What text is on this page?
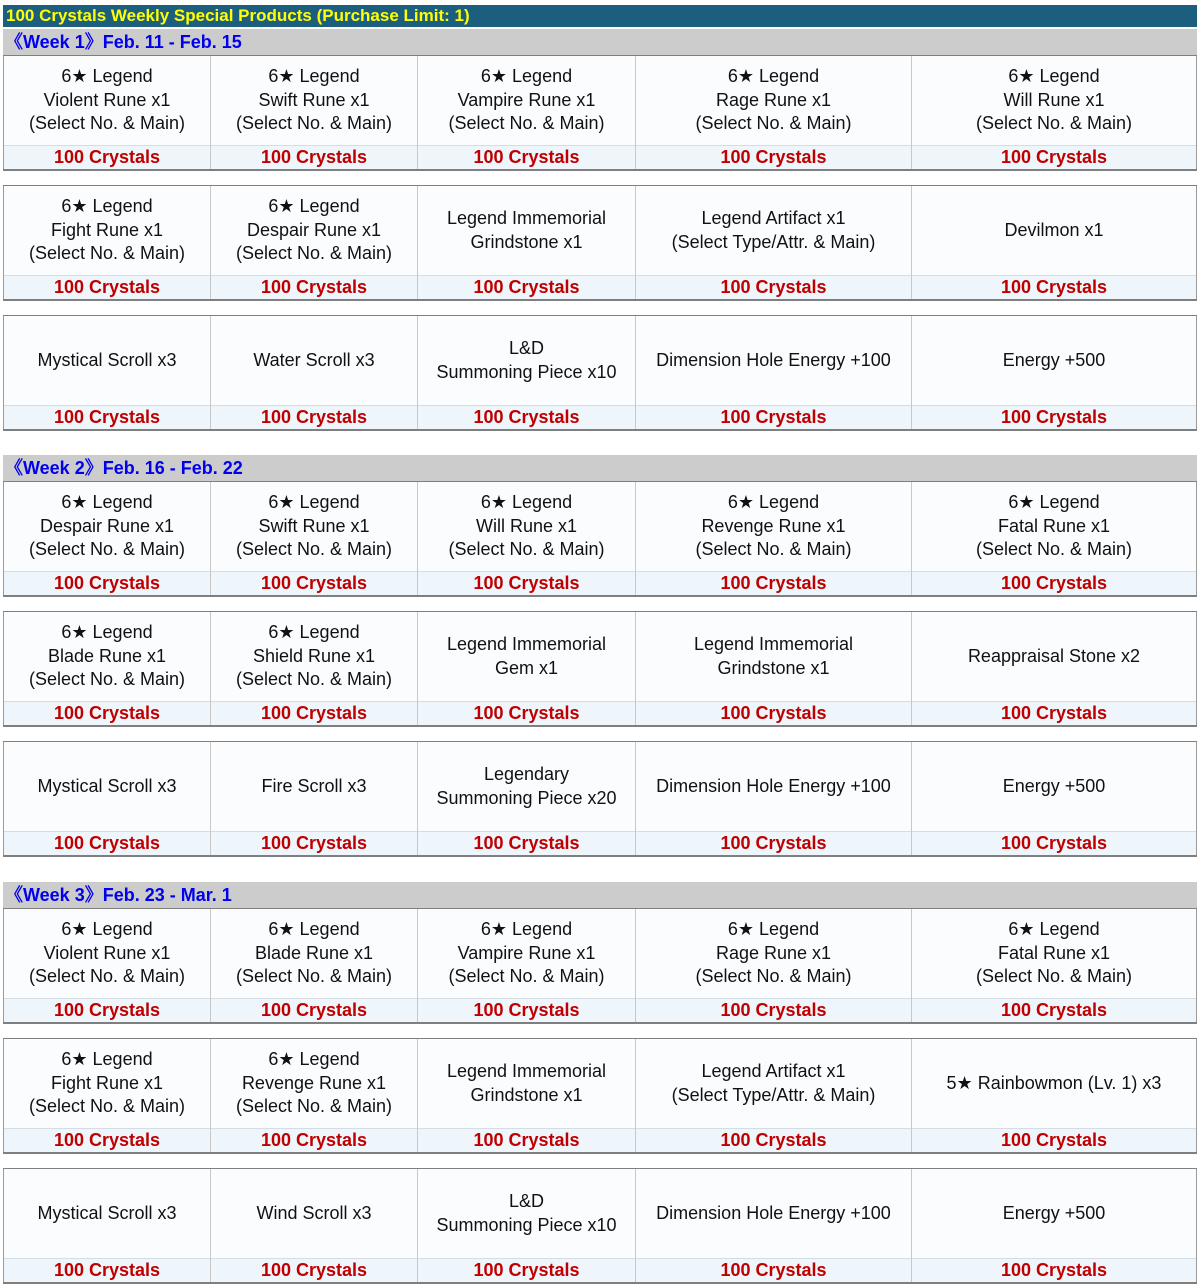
100 Crystals Weekly Special Products (Purchase Limit: 1)
《Week 1》Feb. 11 - Feb. 15
6★ Legend
Violent Rune x1
(Select No. & Main)
100 Crystals
6★ Legend
Swift Rune x1
(Select No. & Main)
100 Crystals
6★ Legend
Vampire Rune x1
(Select No. & Main)
100 Crystals
6★ Legend
Rage Rune x1
(Select No. & Main)
100 Crystals
6★ Legend
Will Rune x1
(Select No. & Main)
100 Crystals
6★ Legend
Fight Rune x1
(Select No. & Main)
100 Crystals
6★ Legend
Despair Rune x1
(Select No. & Main)
100 Crystals
Legend Immemorial
Grindstone x1
100 Crystals
Legend Artifact x1
(Select Type/Attr. & Main)
100 Crystals
Devilmon x1
100 Crystals
Mystical Scroll x3
100 Crystals
Water Scroll x3
100 Crystals
L&D
Summoning Piece x10
100 Crystals
Dimension Hole Energy +100
100 Crystals
Energy +500
100 Crystals
《Week 2》Feb. 16 - Feb. 22
6★ Legend
Despair Rune x1
(Select No. & Main)
100 Crystals
6★ Legend
Swift Rune x1
(Select No. & Main)
100 Crystals
6★ Legend
Will Rune x1
(Select No. & Main)
100 Crystals
6★ Legend
Revenge Rune x1
(Select No. & Main)
100 Crystals
6★ Legend
Fatal Rune x1
(Select No. & Main)
100 Crystals
6★ Legend
Blade Rune x1
(Select No. & Main)
100 Crystals
6★ Legend
Shield Rune x1
(Select No. & Main)
100 Crystals
Legend Immemorial
Gem x1
100 Crystals
Legend Immemorial
Grindstone x1
100 Crystals
Reappraisal Stone x2
100 Crystals
Mystical Scroll x3
100 Crystals
Fire Scroll x3
100 Crystals
Legendary
Summoning Piece x20
100 Crystals
Dimension Hole Energy +100
100 Crystals
Energy +500
100 Crystals
《Week 3》Feb. 23 - Mar. 1
6★ Legend
Violent Rune x1
(Select No. & Main)
100 Crystals
6★ Legend
Blade Rune x1
(Select No. & Main)
100 Crystals
6★ Legend
Vampire Rune x1
(Select No. & Main)
100 Crystals
6★ Legend
Rage Rune x1
(Select No. & Main)
100 Crystals
6★ Legend
Fatal Rune x1
(Select No. & Main)
100 Crystals
6★ Legend
Fight Rune x1
(Select No. & Main)
100 Crystals
6★ Legend
Revenge Rune x1
(Select No. & Main)
100 Crystals
Legend Immemorial
Grindstone x1
100 Crystals
Legend Artifact x1
(Select Type/Attr. & Main)
100 Crystals
5★ Rainbowmon (Lv. 1) x3
100 Crystals
Mystical Scroll x3
100 Crystals
Wind Scroll x3
100 Crystals
L&D
Summoning Piece x10
100 Crystals
Dimension Hole Energy +100
100 Crystals
Energy +500
100 Crystals
